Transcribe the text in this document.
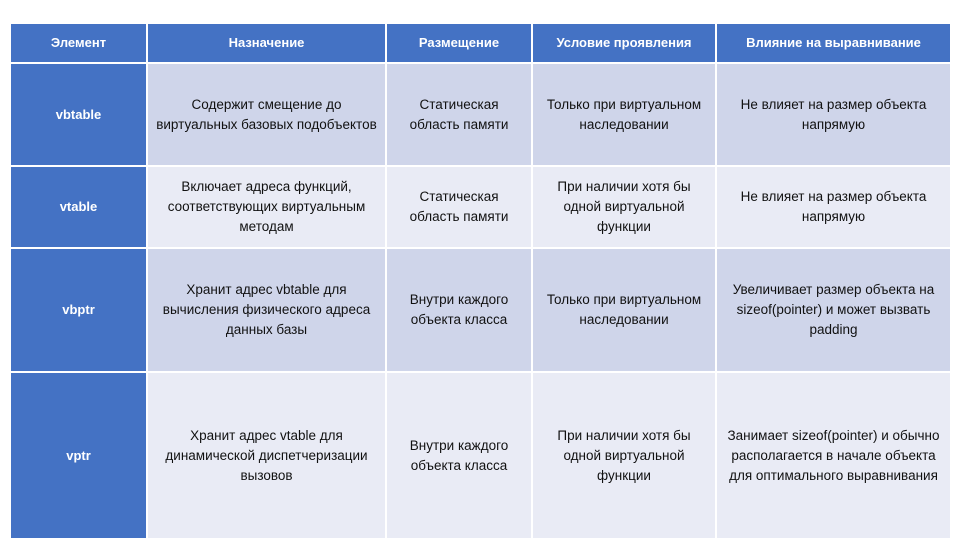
Элемент	Назначение	Размещение	Условие проявления	Влияние на выравнивание
vbtable	Содержит смещение до виртуальных базовых подобъектов	Статическая область памяти	Только при виртуальном наследовании	Не влияет на размер объекта напрямую
vtable	Включает адреса функций, соответствующих виртуальным методам	Статическая область памяти	При наличии хотя бы одной виртуальной функции	Не влияет на размер объекта напрямую
vbptr	Хранит адрес vbtable для вычисления физического адреса данных базы	Внутри каждого объекта класса	Только при виртуальном наследовании	Увеличивает размер объекта на sizeof(pointer) и может вызвать padding
vptr	Хранит адрес vtable для динамической диспетчеризации вызовов	Внутри каждого объекта класса	При наличии хотя бы одной виртуальной функции	Занимает sizeof(pointer) и обычно располагается в начале объекта для оптимального выравнивания
